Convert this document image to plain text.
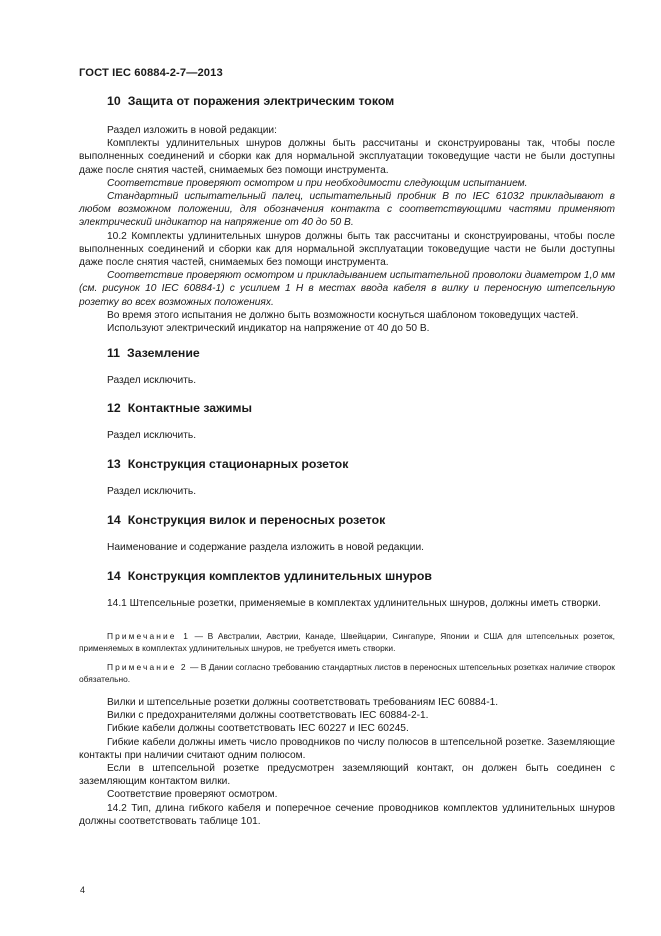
ГОСТ IEC 60884-2-7—2013
10 Защита от поражения электрическим током

Раздел изложить в новой редакции:

Комплекты удлинительных шнуров должны быть рассчитаны и сконструированы так, чтобы после выполненных соединений и сборки как для нормальной эксплуатации токоведущие части не были доступны даже после снятия частей, снимаемых без помощи инструмента.

Соответствие проверяют осмотром и при необходимости следующим испытанием.

Стандартный испытательный палец, испытательный пробник B по IEC 61032 прикладывают в любом возможном положении, для обозначения контакта с соответствующими частями применяют электрический индикатор на напряжение от 40 до 50 В.

10.2 Комплекты удлинительных шнуров должны быть так рассчитаны и сконструированы, чтобы после выполненных соединений и сборки как для нормальной эксплуатации токоведущие части не были доступны даже после снятия частей, снимаемых без помощи инструмента.

Соответствие проверяют осмотром и прикладыванием испытательной проволоки диаметром 1,0 мм (см. рисунок 10 IEC 60884-1) с усилием 1 Н в местах ввода кабеля в вилку и переносную штепсельную розетку во всех возможных положениях.

Во время этого испытания не должно быть возможности коснуться шаблоном токоведущих частей.

Используют электрический индикатор на напряжение от 40 до 50 В.

11 Заземление
Раздел исключить.
12 Контактные зажимы
Раздел исключить.
13 Конструкция стационарных розеток
Раздел исключить.
14 Конструкция вилок и переносных розеток
Наименование и содержание раздела изложить в новой редакции.
14 Конструкция комплектов удлинительных шнуров

14.1 Штепсельные розетки, применяемые в комплектах удлинительных шнуров, должны иметь створки.

Примечание 1 — В Австралии, Австрии, Канаде, Швейцарии, Сингапуре, Японии и США для штепсельных розеток, применяемых в комплектах удлинительных шнуров, не требуется иметь створки.

Примечание 2 — В Дании согласно требованию стандартных листов в переносных штепсельных розетках наличие створок обязательно.

Вилки и штепсельные розетки должны соответствовать требованиям IEC 60884-1.

Вилки с предохранителями должны соответствовать IEC 60884-2-1.

Гибкие кабели должны соответствовать IEC 60227 и IEC 60245.

Гибкие кабели должны иметь число проводников по числу полюсов в штепсельной розетке. Заземляющие контакты при наличии считают одним полюсом.

Если в штепсельной розетке предусмотрен заземляющий контакт, он должен быть соединен с заземляющим контактом вилки.

Соответствие проверяют осмотром.

14.2 Тип, длина гибкого кабеля и поперечное сечение проводников комплектов удлинительных шнуров должны соответствовать таблице 101.

4
